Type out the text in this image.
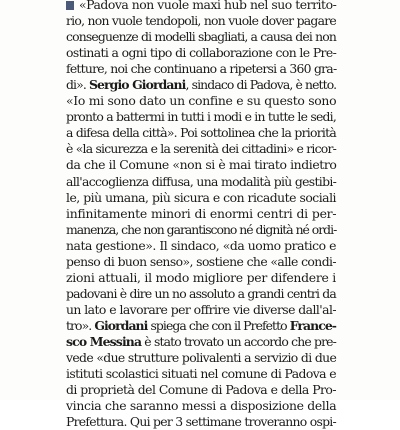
«Padova non vuole maxi hub nel suo territo-
rio, non vuole tendopoli, non vuole dover pagare
conseguenze di modelli sbagliati, a causa dei non
ostinati a ogni tipo di collaborazione con le Pre-
fetture, noi che continuano a ripetersi a 360 gra-
di». Sergio Giordani, sindaco di Padova, è netto.
«Io mi sono dato un confine e su questo sono
pronto a battermi in tutti i modi e in tutte le sedi,
a difesa della città». Poi sottolinea che la priorità
è «la sicurezza e la serenità dei cittadini» e ricor-
da che il Comune «non si è mai tirato indietro
all'accoglienza diffusa, una modalità più gestibi-
le, più umana, più sicura e con ricadute sociali
infinitamente minori di enormi centri di per-
manenza, che non garantiscono né dignità né ordi-
nata gestione». Il sindaco, «da uomo pratico e
penso di buon senso», sostiene che «alle condi-
zioni attuali, il modo migliore per difendere i
padovani è dire un no assoluto a grandi centri da
un lato e lavorare per offrire vie diverse dall'al-
tro». Giordani spiega che con il Prefetto France-
sco Messina è stato trovato un accordo che pre-
vede «due strutture polivalenti a servizio di due
istituti scolastici situati nel comune di Padova e
di proprietà del Comune di Padova e della Pro-
vincia che saranno messi a disposizione della
Prefettura. Qui per 3 settimane troveranno ospi-
